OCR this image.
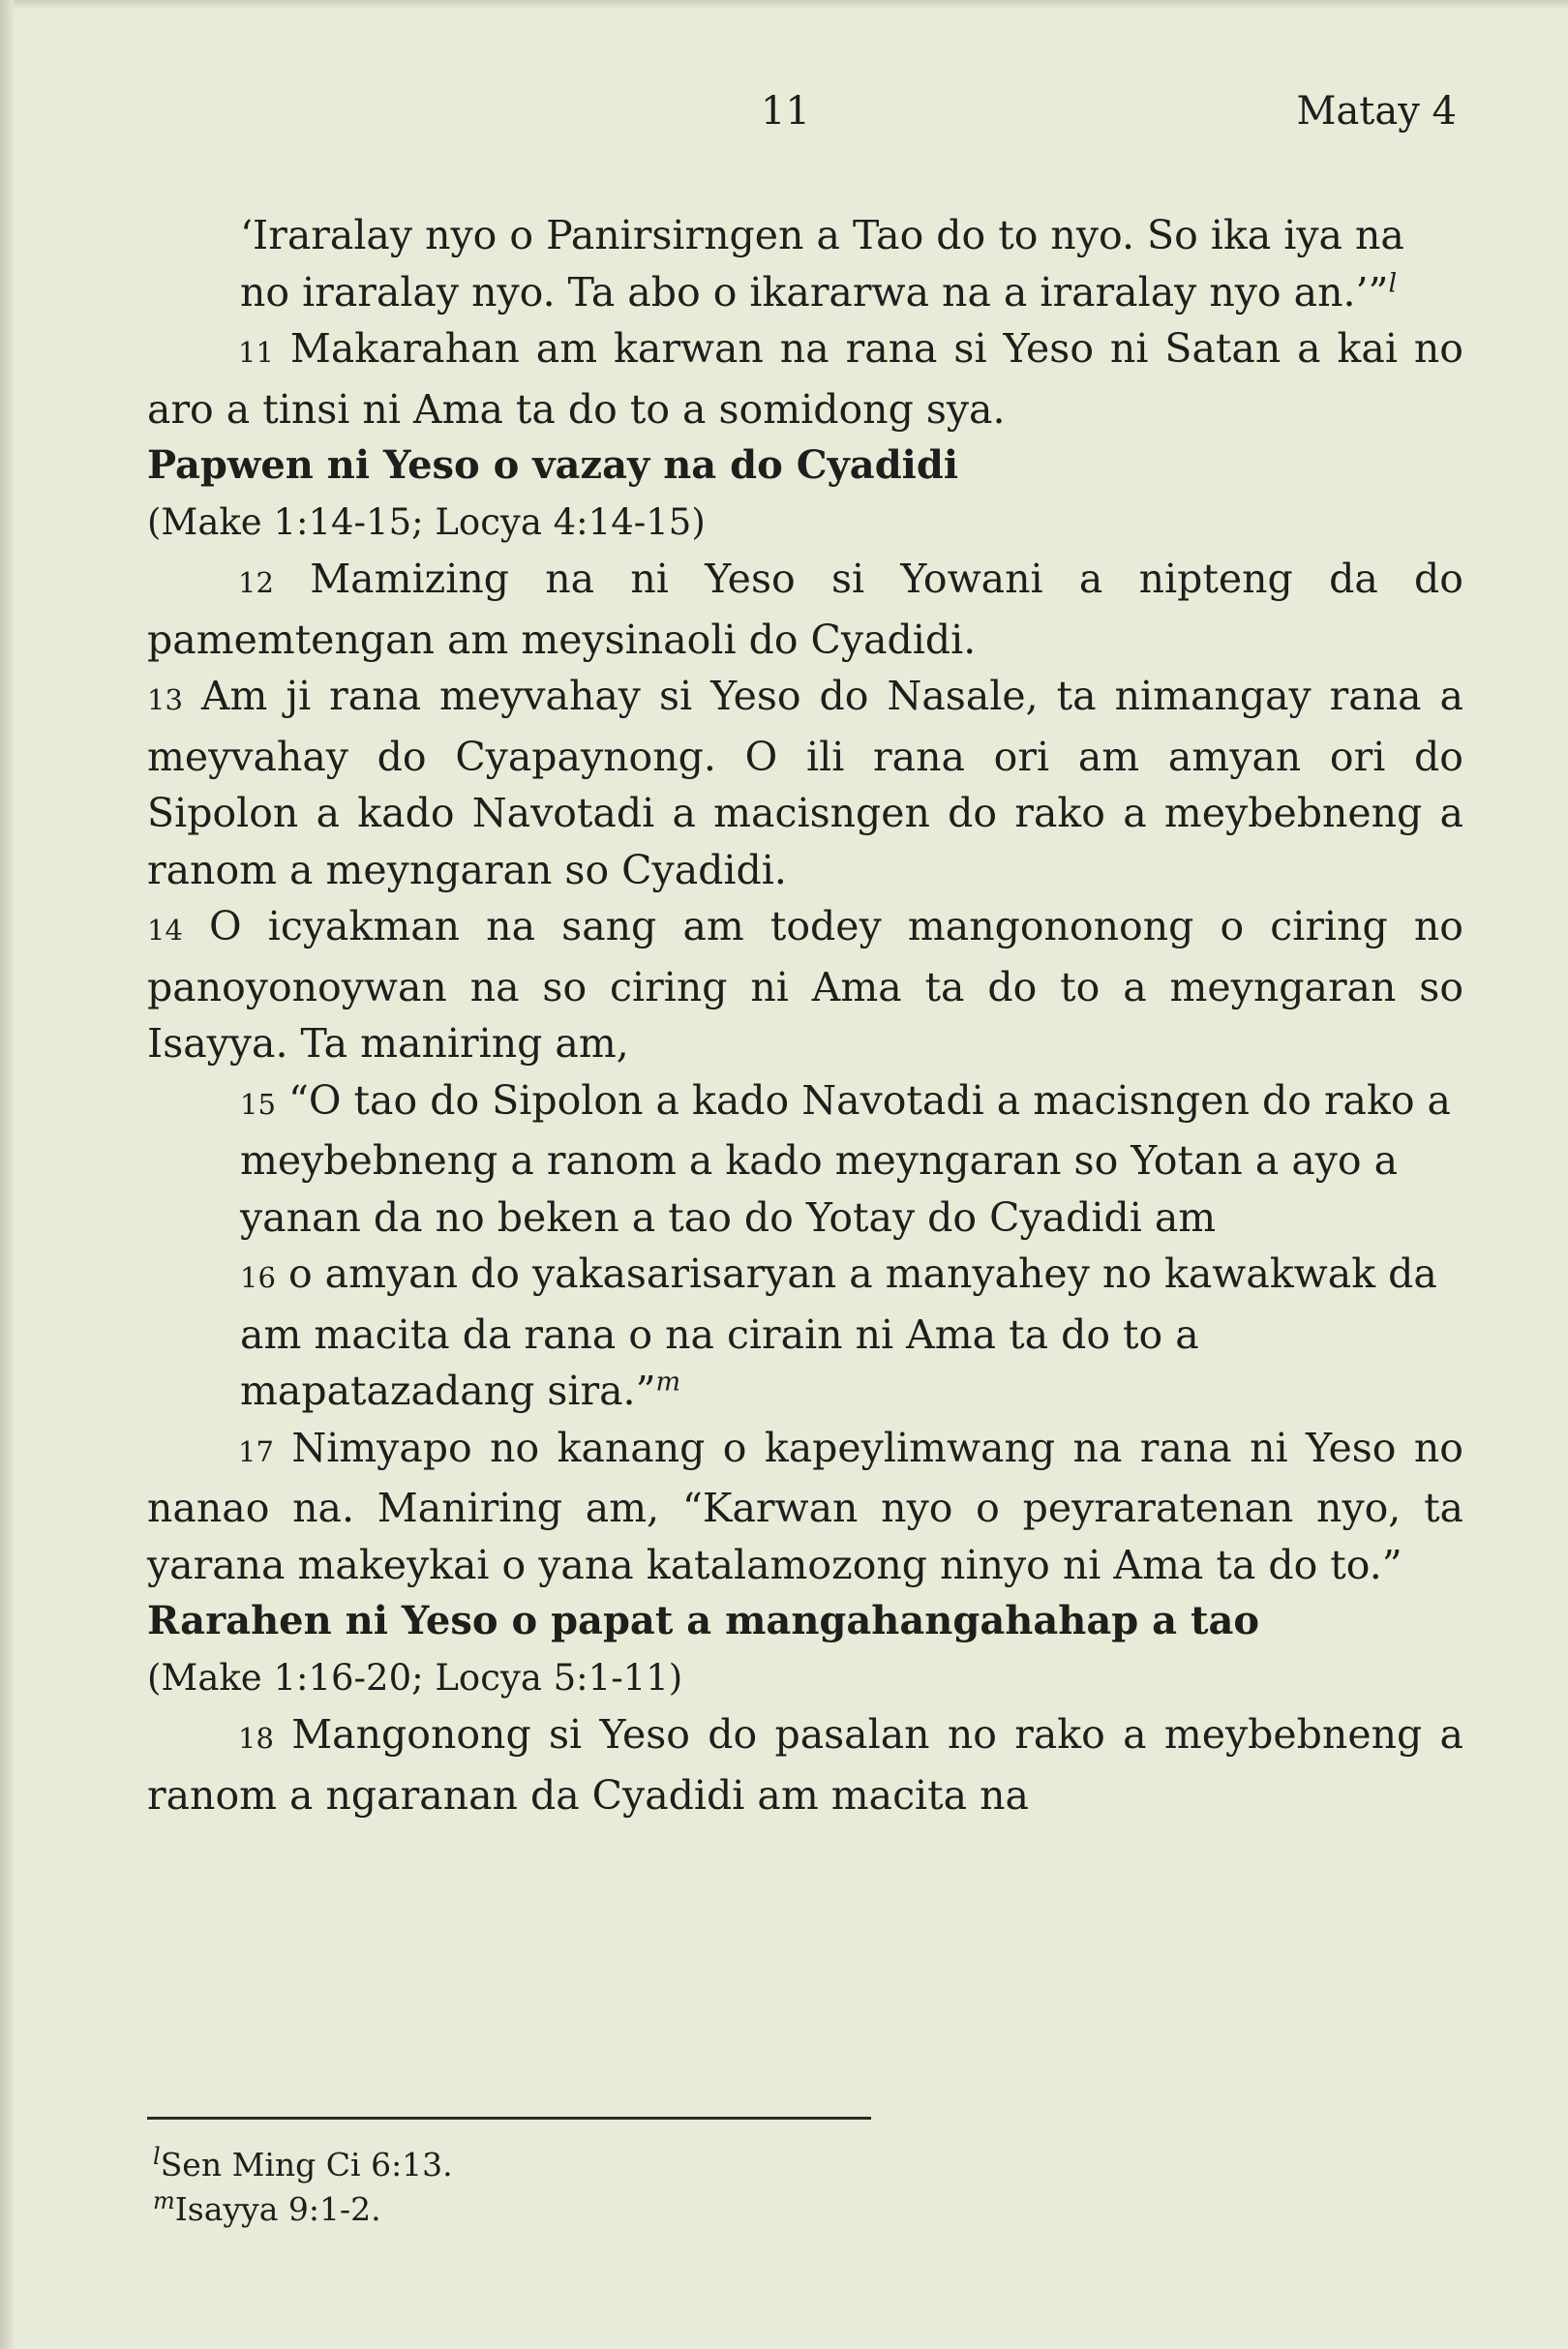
11	Matay 4

‘Iraralay nyo o Panirsirngen a Tao do to nyo. So ika iya na no iraralay nyo. Ta abo o ikararwa na a iraralay nyo an.’”$^l$

11 Makarahan am karwan na rana si Yeso ni Satan a kai no aro a tinsi ni Ama ta do to a somidong sya.

Papwen ni Yeso o vazay na do Cyadidi

(Make 1:14-15; Locya 4:14-15)

12 Mamizing na ni Yeso si Yowani a nipteng da do pamemtengan am meysinaoli do Cyadidi.

13 Am ji rana meyvahay si Yeso do Nasale, ta nimangay rana a meyvahay do Cyapaynong. O ili rana ori am amyan ori do Sipolon a kado Navotadi a macisngen do rako a meybebneng a ranom a meyngaran so Cyadidi.

14 O icyakman na sang am todey mangononong o ciring no panoyonoywan na so ciring ni Ama ta do to a meyngaran so Isayya. Ta maniring am,

15 “O tao do Sipolon a kado Navotadi a macisngen do rako a meybebneng a ranom a kado meyngaran so Yotan a ayo a yanan da no beken a tao do Yotay do Cyadidi am

16 o amyan do yakasarisaryan a manyahey no kawakwak da am macita da rana o na cirain ni Ama ta do to a mapatazadang sira.”$^m$

17 Nimyapo no kanang o kapeylimwang na rana ni Yeso no nanao na. Maniring am, “Karwan nyo o peyraratenan nyo, ta yarana makeykai o yana katalamozong ninyo ni Ama ta do to.”

Rarahen ni Yeso o papat a mangahangahahap a tao

(Make 1:16-20; Locya 5:1-11)

18 Mangonong si Yeso do pasalan no rako a meybebneng a ranom a ngaranan da Cyadidi am macita na

$^l$Sen Ming Ci 6:13.

$^m$Isayya 9:1-2.
